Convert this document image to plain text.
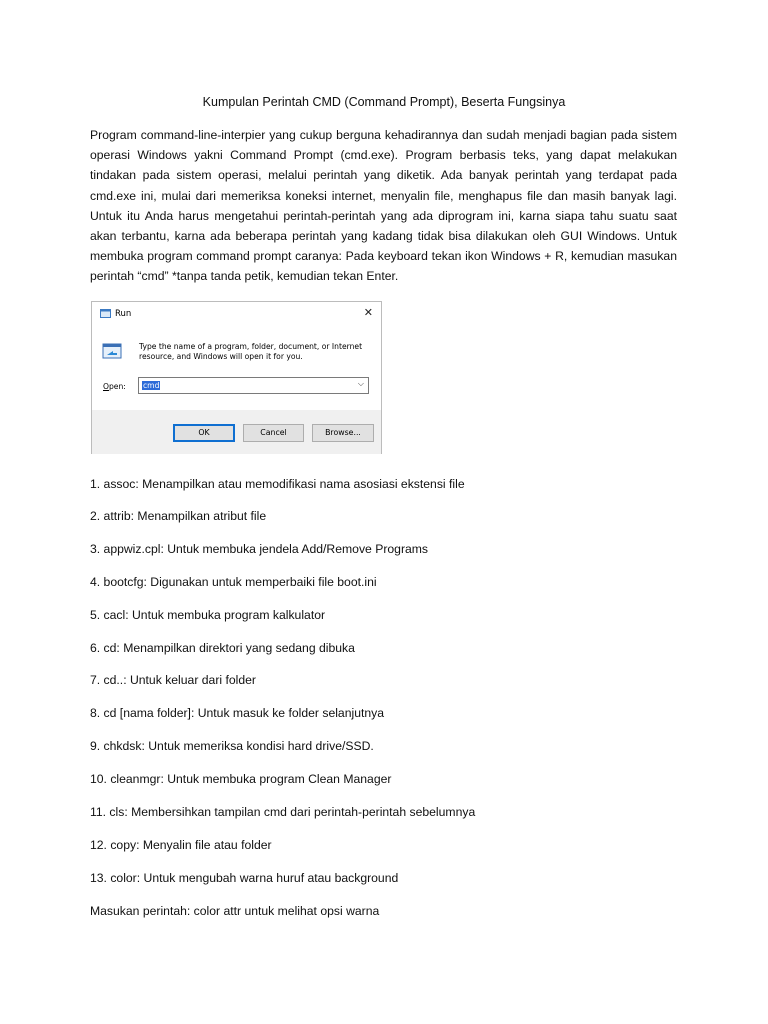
Kumpulan Perintah CMD (Command Prompt), Beserta Fungsinya

Program command-line-interpier yang cukup berguna kehadirannya dan sudah menjadi bagian pada sistem operasi Windows yakni Command Prompt (cmd.exe). Program berbasis teks, yang dapat melakukan tindakan pada sistem operasi, melalui perintah yang diketik. Ada banyak perintah yang terdapat pada cmd.exe ini, mulai dari memeriksa koneksi internet, menyalin file, menghapus file dan masih banyak lagi. Untuk itu Anda harus mengetahui perintah-perintah yang ada diprogram ini, karna siapa tahu suatu saat akan terbantu, karna ada beberapa perintah yang kadang tidak bisa dilakukan oleh GUI Windows. Untuk membuka program command prompt caranya: Pada keyboard tekan ikon Windows + R, kemudian masukan perintah “cmd” *tanpa tanda petik, kemudian tekan Enter.

Run	✕
Type the name of a program, folder, document, or Internet resource, and Windows will open it for you.
Open: cmd	⌵
OK	Cancel	Browse...
1. assoc: Menampilkan atau memodifikasi nama asosiasi ekstensi file
2. attrib: Menampilkan atribut file
3. appwiz.cpl: Untuk membuka jendela Add/Remove Programs
4. bootcfg: Digunakan untuk memperbaiki file boot.ini
5. cacl: Untuk membuka program kalkulator
6. cd: Menampilkan direktori yang sedang dibuka
7. cd..: Untuk keluar dari folder
8. cd [nama folder]: Untuk masuk ke folder selanjutnya
9. chkdsk: Untuk memeriksa kondisi hard drive/SSD.
10. cleanmgr: Untuk membuka program Clean Manager
11. cls: Membersihkan tampilan cmd dari perintah-perintah sebelumnya
12. copy: Menyalin file atau folder
13. color: Untuk mengubah warna huruf atau background
Masukan perintah: color attr untuk melihat opsi warna
